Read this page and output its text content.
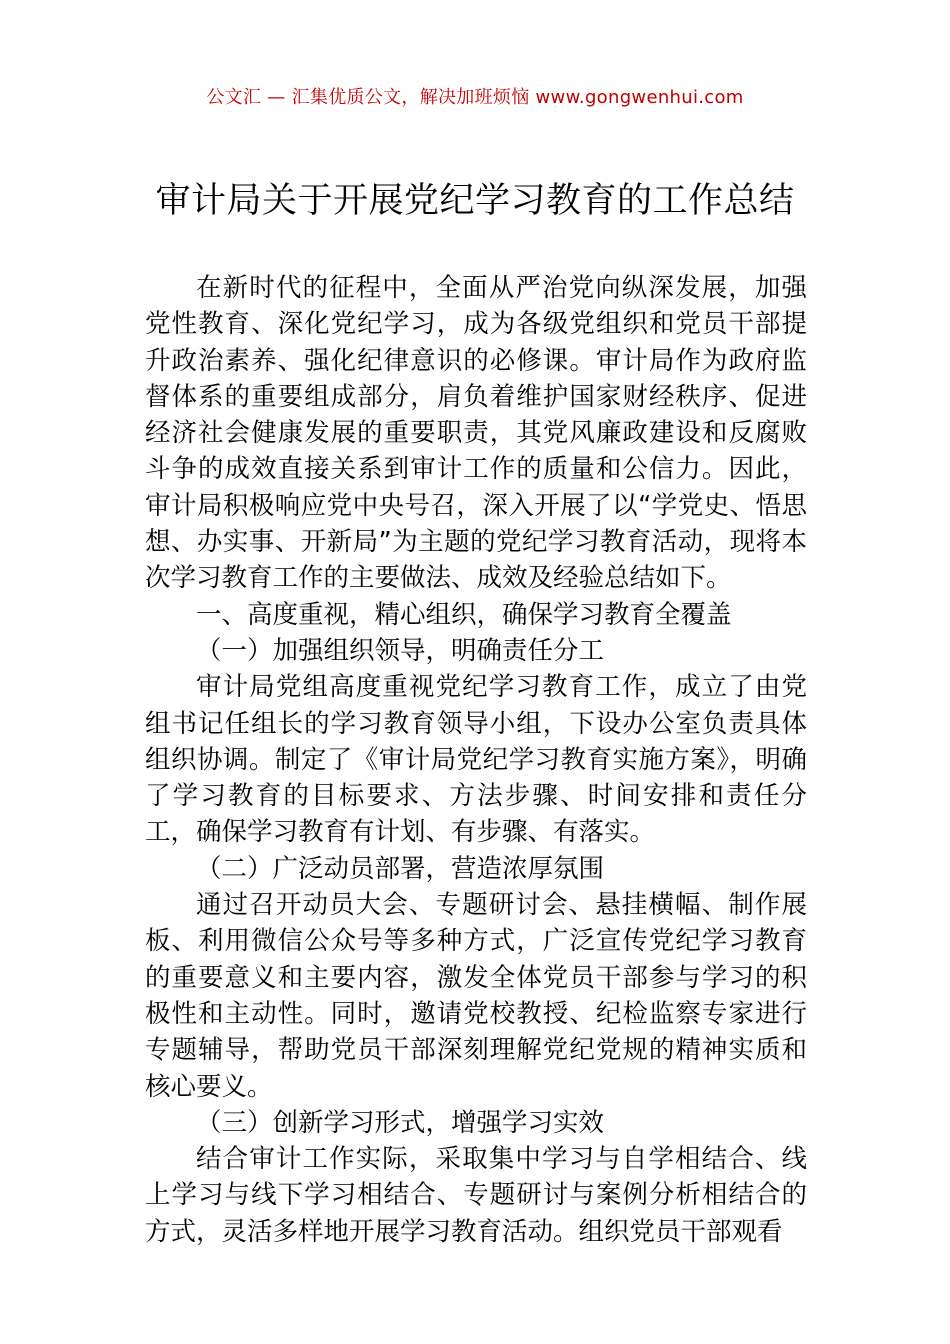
公文汇 — 汇集优质公文，解决加班烦恼 www.gongwenhui.com
审计局关于开展党纪学习教育的工作总结

在新时代的征程中，全面从严治党向纵深发展，加强党性教育、深化党纪学习，成为各级党组织和党员干部提升政治素养、强化纪律意识的必修课。审计局作为政府监督体系的重要组成部分，肩负着维护国家财经秩序、促进经济社会健康发展的重要职责，其党风廉政建设和反腐败斗争的成效直接关系到审计工作的质量和公信力。因此，审计局积极响应党中央号召，深入开展了以“学党史、悟思想、办实事、开新局”为主题的党纪学习教育活动，现将本次学习教育工作的主要做法、成效及经验总结如下。

一、高度重视，精心组织，确保学习教育全覆盖

（一）加强组织领导，明确责任分工

审计局党组高度重视党纪学习教育工作，成立了由党组书记任组长的学习教育领导小组，下设办公室负责具体组织协调。制定了《审计局党纪学习教育实施方案》，明确了学习教育的目标要求、方法步骤、时间安排和责任分工，确保学习教育有计划、有步骤、有落实。

（二）广泛动员部署，营造浓厚氛围

通过召开动员大会、专题研讨会、悬挂横幅、制作展板、利用微信公众号等多种方式，广泛宣传党纪学习教育的重要意义和主要内容，激发全体党员干部参与学习的积极性和主动性。同时，邀请党校教授、纪检监察专家进行专题辅导，帮助党员干部深刻理解党纪党规的精神实质和核心要义。

（三）创新学习形式，增强学习实效

结合审计工作实际，采取集中学习与自学相结合、线上学习与线下学习相结合、专题研讨与案例分析相结合的方式，灵活多样地开展学习教育活动。组织党员干部观看
